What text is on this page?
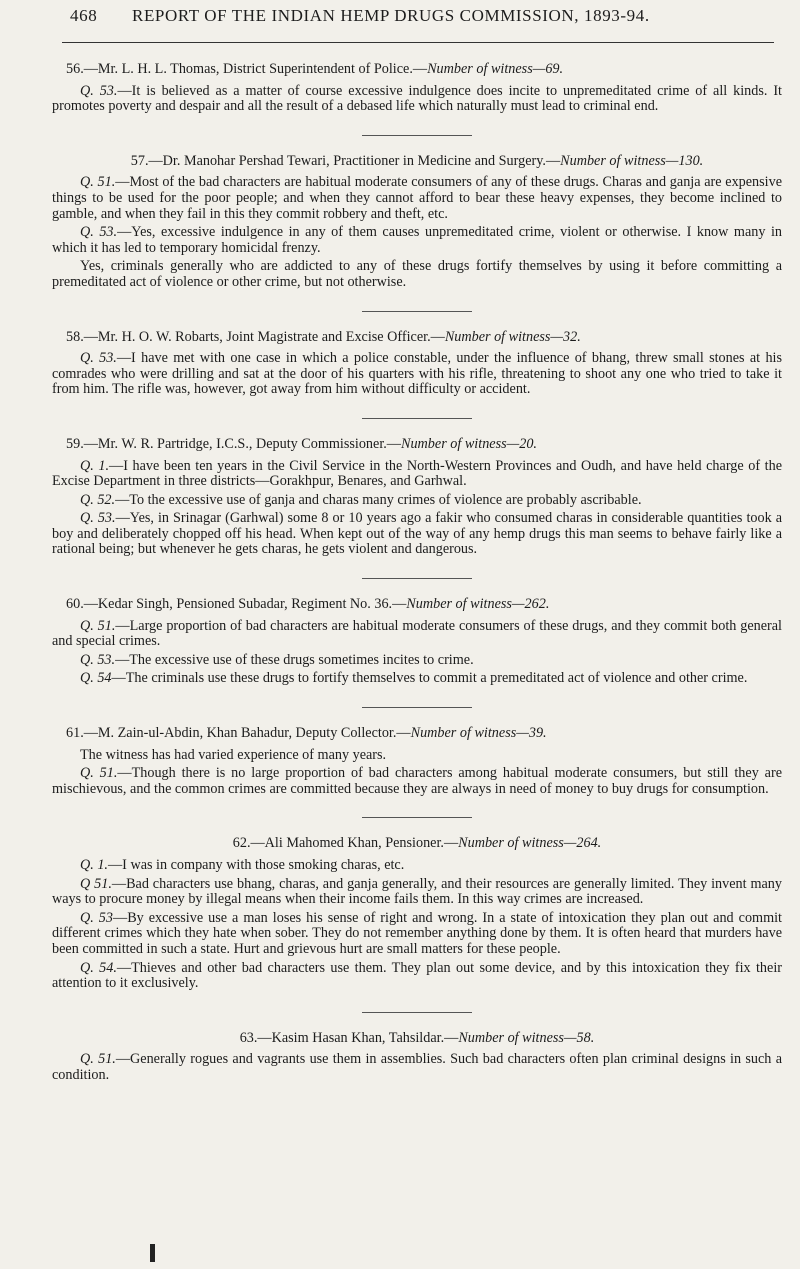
468 REPORT OF THE INDIAN HEMP DRUGS COMMISSION, 1893-94.

56.—Mr. L. H. L. Thomas, District Superintendent of Police.—Number of witness—69.

Q. 53.—It is believed as a matter of course excessive indulgence does incite to unpremeditated crime of all kinds. It promotes poverty and despair and all the result of a debased life which naturally must lead to criminal end.

57.—Dr. Manohar Pershad Tewari, Practitioner in Medicine and Surgery.—Number of witness—130.

Q. 51.—Most of the bad characters are habitual moderate consumers of any of these drugs. Charas and ganja are expensive things to be used for the poor people; and when they cannot afford to bear these heavy expenses, they become inclined to gamble, and when they fail in this they commit robbery and theft, etc.

Q. 53.—Yes, excessive indulgence in any of them causes unpremeditated crime, violent or otherwise. I know many in which it has led to temporary homicidal frenzy.

Yes, criminals generally who are addicted to any of these drugs fortify themselves by using it before committing a premeditated act of violence or other crime, but not otherwise.

58.—Mr. H. O. W. Robarts, Joint Magistrate and Excise Officer.—Number of witness—32.

Q. 53.—I have met with one case in which a police constable, under the influence of bhang, threw small stones at his comrades who were drilling and sat at the door of his quarters with his rifle, threatening to shoot any one who tried to take it from him. The rifle was, however, got away from him without difficulty or accident.

59.—Mr. W. R. Partridge, I.C.S., Deputy Commissioner.—Number of witness—20.

Q. 1.—I have been ten years in the Civil Service in the North-Western Provinces and Oudh, and have held charge of the Excise Department in three districts—Gorakhpur, Benares, and Garhwal.

Q. 52.—To the excessive use of ganja and charas many crimes of violence are probably ascribable.

Q. 53.—Yes, in Srinagar (Garhwal) some 8 or 10 years ago a fakir who consumed charas in considerable quantities took a boy and deliberately chopped off his head. When kept out of the way of any hemp drugs this man seems to behave fairly like a rational being; but whenever he gets charas, he gets violent and dangerous.

60.—Kedar Singh, Pensioned Subadar, Regiment No. 36.—Number of witness—262.

Q. 51.—Large proportion of bad characters are habitual moderate consumers of these drugs, and they commit both general and special crimes.

Q. 53.—The excessive use of these drugs sometimes incites to crime.

Q. 54—The criminals use these drugs to fortify themselves to commit a premeditated act of violence and other crime.

61.—M. Zain-ul-Abdin, Khan Bahadur, Deputy Collector.—Number of witness—39.

The witness has had varied experience of many years.

Q. 51.—Though there is no large proportion of bad characters among habitual moderate consumers, but still they are mischievous, and the common crimes are committed because they are always in need of money to buy drugs for consumption.

62.—Ali Mahomed Khan, Pensioner.—Number of witness—264.

Q. 1.—I was in company with those smoking charas, etc.

Q 51.—Bad characters use bhang, charas, and ganja generally, and their resources are generally limited. They invent many ways to procure money by illegal means when their income fails them. In this way crimes are increased.

Q. 53—By excessive use a man loses his sense of right and wrong. In a state of intoxication they plan out and commit different crimes which they hate when sober. They do not remember anything done by them. It is often heard that murders have been committed in such a state. Hurt and grievous hurt are small matters for these people.

Q. 54.—Thieves and other bad characters use them. They plan out some device, and by this intoxication they fix their attention to it exclusively.

63.—Kasim Hasan Khan, Tahsildar.—Number of witness—58.

Q. 51.—Generally rogues and vagrants use them in assemblies. Such bad characters often plan criminal designs in such a condition.
